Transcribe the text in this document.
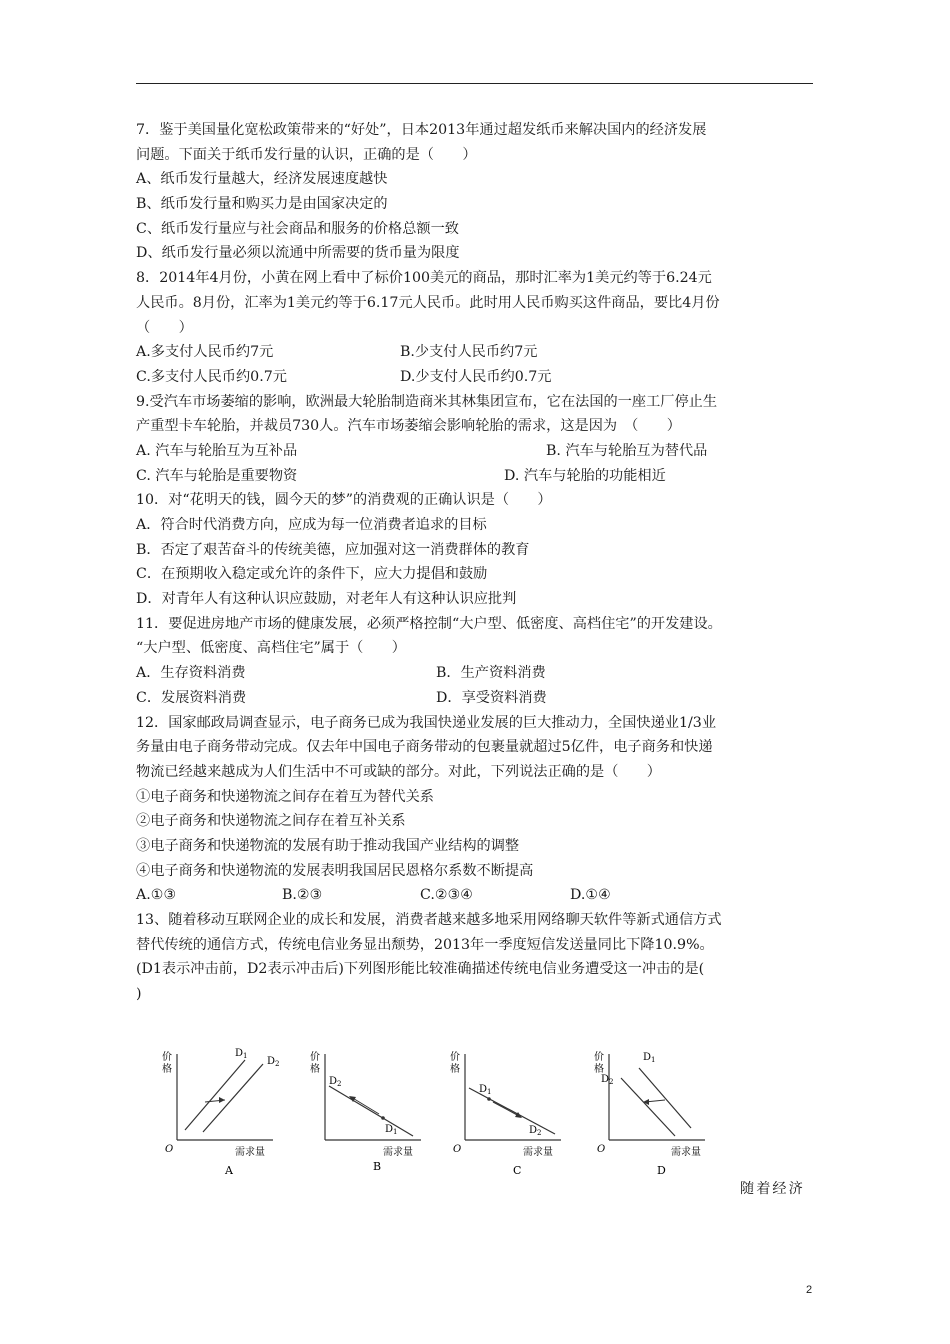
7．鉴于美国量化宽松政策带来的“好处”，日本2013年通过超发纸币来解决国内的经济发展
问题。下面关于纸币发行量的认识，正确的是（　　）
A、纸币发行量越大，经济发展速度越快
B、纸币发行量和购买力是由国家决定的
C、纸币发行量应与社会商品和服务的价格总额一致
D、纸币发行量必须以流通中所需要的货币量为限度
8．2014年4月份，小黄在网上看中了标价100美元的商品，那时汇率为1美元约等于6.24元
人民币。8月份，汇率为1美元约等于6.17元人民币。此时用人民币购买这件商品，要比4月份
（　　）
A.多支付人民币约7元	B.少支付人民币约7元
C.多支付人民币约0.7元	D.少支付人民币约0.7元
9.受汽车市场萎缩的影响，欧洲最大轮胎制造商米其林集团宣布，它在法国的一座工厂停止生
产重型卡车轮胎，并裁员730人。汽车市场萎缩会影响轮胎的需求，这是因为　（　　）
A. 汽车与轮胎互为互补品	B. 汽车与轮胎互为替代品
C. 汽车与轮胎是重要物资	D. 汽车与轮胎的功能相近
10．对“花明天的钱，圆今天的梦”的消费观的正确认识是（　　）
A．符合时代消费方向，应成为每一位消费者追求的目标
B．否定了艰苦奋斗的传统美德，应加强对这一消费群体的教育
C．在预期收入稳定或允许的条件下，应大力提倡和鼓励
D．对青年人有这种认识应鼓励，对老年人有这种认识应批判
11．要促进房地产市场的健康发展，必须严格控制“大户型、低密度、高档住宅”的开发建设。
“大户型、低密度、高档住宅”属于（　　）
A．生存资料消费	B．生产资料消费
C．发展资料消费	D．享受资料消费
12．国家邮政局调查显示，电子商务已成为我国快递业发展的巨大推动力，全国快递业1/3业
务量由电子商务带动完成。仅去年中国电子商务带动的包裹量就超过5亿件，电子商务和快递
物流已经越来越成为人们生活中不可或缺的部分。对此，下列说法正确的是（　　）
①电子商务和快递物流之间存在着互为替代关系
②电子商务和快递物流之间存在着互补关系
③电子商务和快递物流的发展有助于推动我国产业结构的调整
④电子商务和快递物流的发展表明我国居民恩格尔系数不断提高
A.①③	B.②③	C.②③④	D.①④
13、随着移动互联网企业的成长和发展，消费者越来越多地采用网络聊天软件等新式通信方式
替代传统的通信方式，传统电信业务显出颓势，2013年一季度短信发送量同比下降10.9%。
(D1表示冲击前，D2表示冲击后)下列图形能比较准确描述传统电信业务遭受这一冲击的是(
)
价
格
$D_1$ $D_2$
O	需求量
A
价
格
$D_2$
$D_1$
需求量
B
价
格
$D_1$
$D_2$
O	需求量
C
价
格
$D_1$
$D_2$
O	需求量
D
随着经济
2
